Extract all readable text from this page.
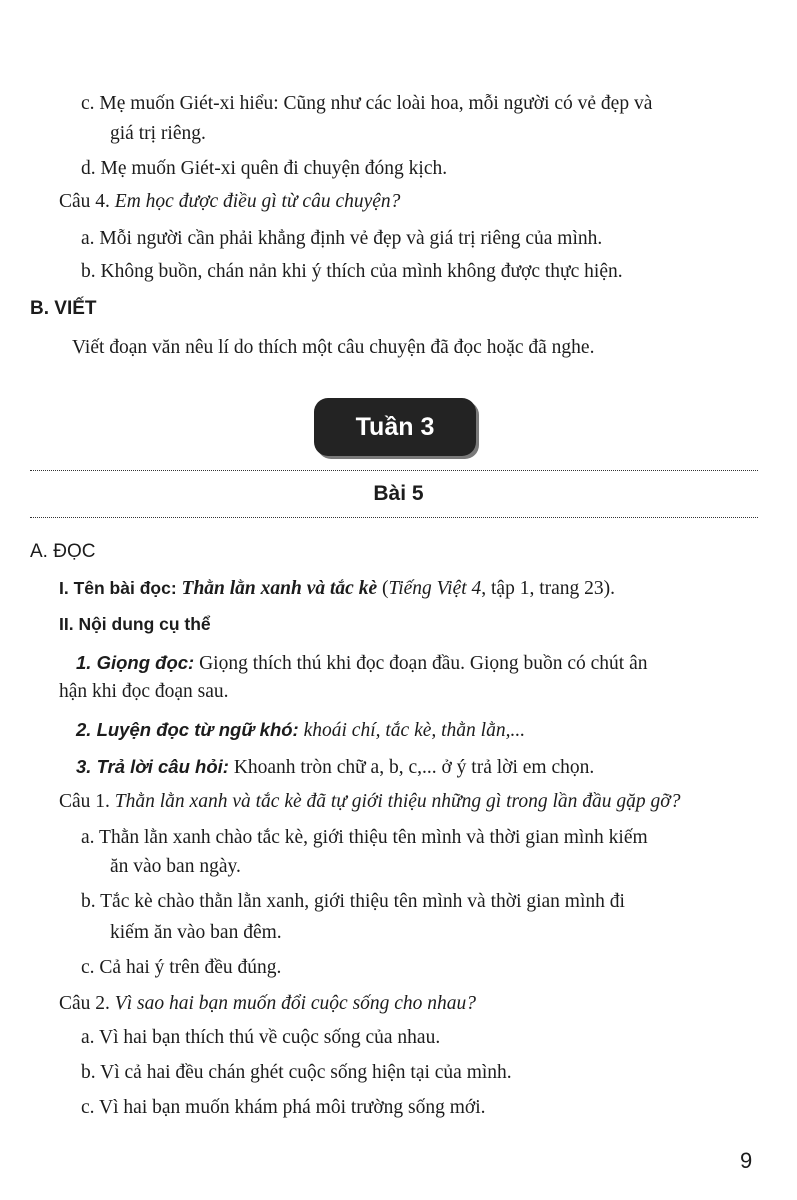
c. Mẹ muốn Giét-xi hiểu: Cũng như các loài hoa, mỗi người có vẻ đẹp và
giá trị riêng.
d. Mẹ muốn Giét-xi quên đi chuyện đóng kịch.
Câu 4. Em học được điều gì từ câu chuyện?
a. Mỗi người cần phải khẳng định vẻ đẹp và giá trị riêng của mình.
b. Không buồn, chán nản khi ý thích của mình không được thực hiện.
B. VIẾT
Viết đoạn văn nêu lí do thích một câu chuyện đã đọc hoặc đã nghe.
Tuần 3
Bài 5
A. ĐỌC
I. Tên bài đọc: Thằn lằn xanh và tắc kè (Tiếng Việt 4, tập 1, trang 23).
II. Nội dung cụ thể
1. Giọng đọc: Giọng thích thú khi đọc đoạn đầu. Giọng buồn có chút ân
hận khi đọc đoạn sau.
2. Luyện đọc từ ngữ khó: khoái chí, tắc kè, thằn lằn,...
3. Trả lời câu hỏi: Khoanh tròn chữ a, b, c,... ở ý trả lời em chọn.
Câu 1. Thằn lằn xanh và tắc kè đã tự giới thiệu những gì trong lần đầu gặp gỡ?
a. Thằn lằn xanh chào tắc kè, giới thiệu tên mình và thời gian mình kiếm
ăn vào ban ngày.
b. Tắc kè chào thằn lằn xanh, giới thiệu tên mình và thời gian mình đi
kiếm ăn vào ban đêm.
c. Cả hai ý trên đều đúng.
Câu 2. Vì sao hai bạn muốn đổi cuộc sống cho nhau?
a. Vì hai bạn thích thú về cuộc sống của nhau.
b. Vì cả hai đều chán ghét cuộc sống hiện tại của mình.
c. Vì hai bạn muốn khám phá môi trường sống mới.
9
